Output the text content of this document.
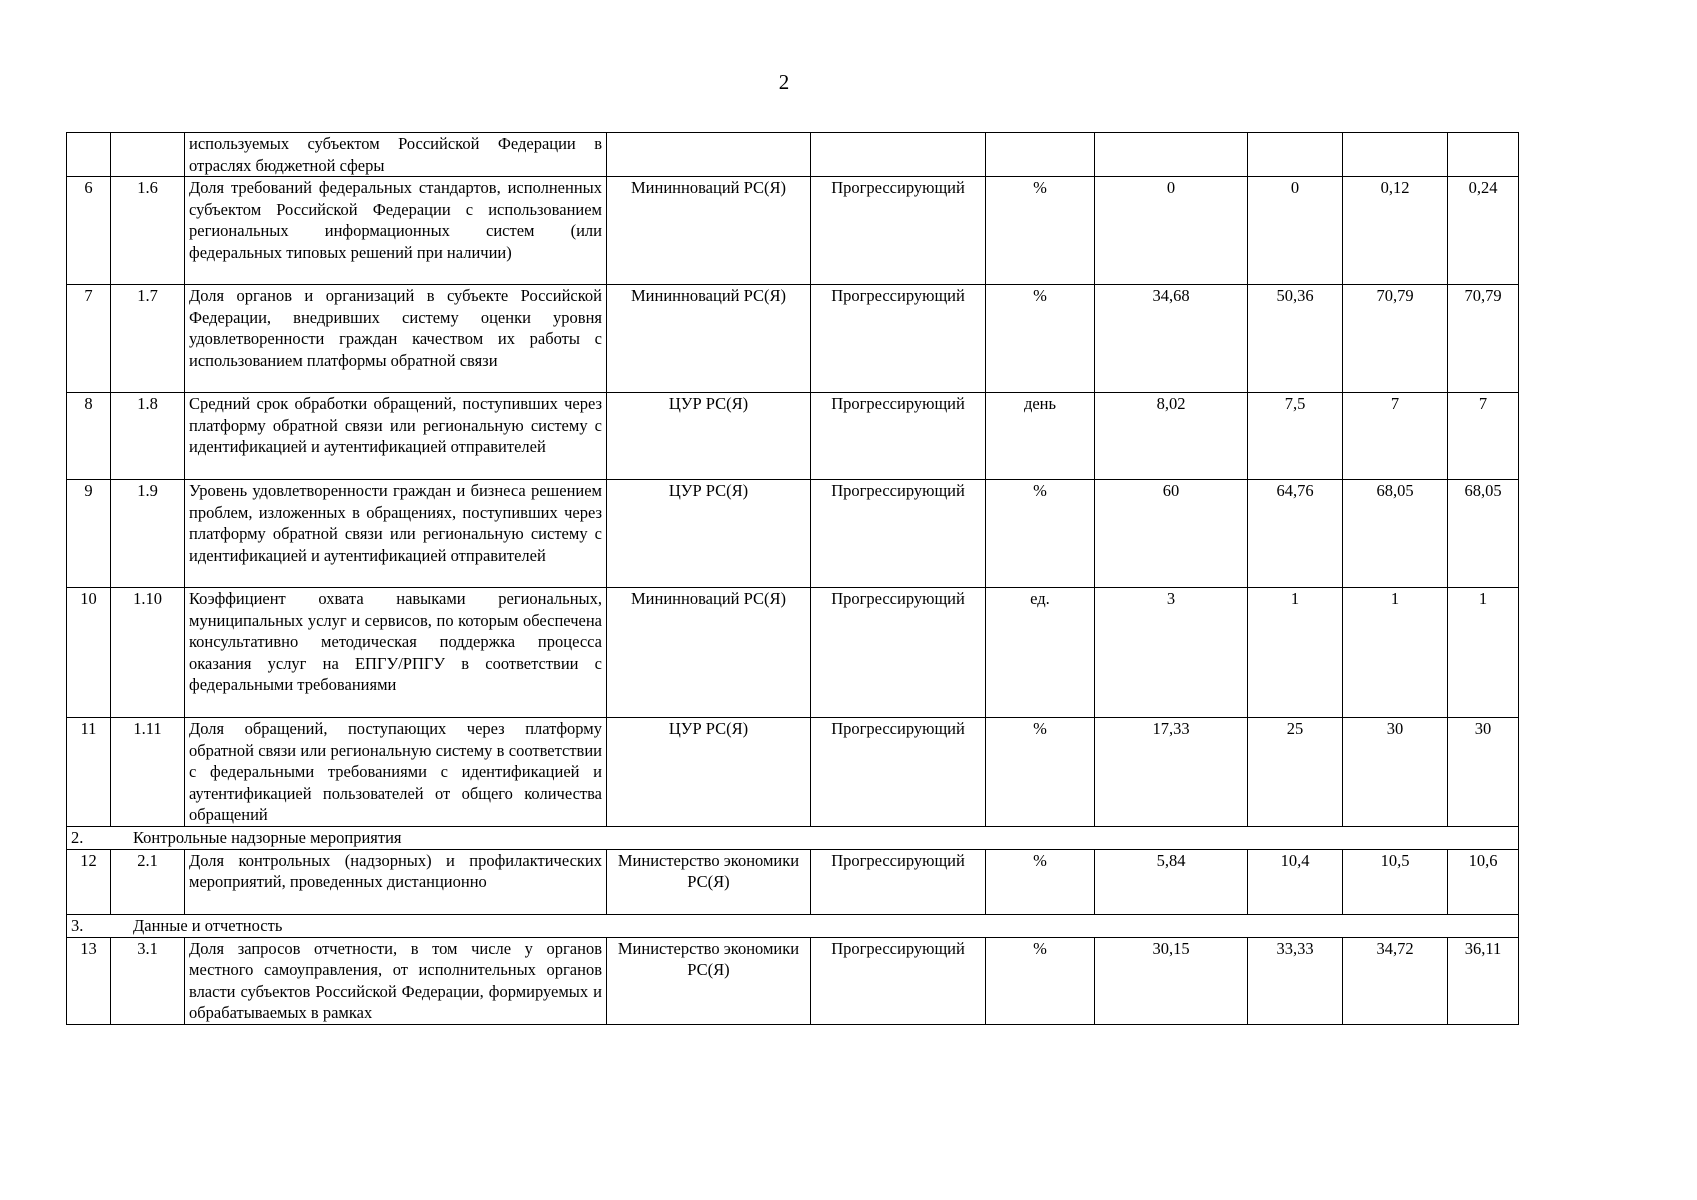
2
		используемых субъектом Российской Федерации в отраслях бюджетной сферы							
6	1.6	Доля требований федеральных стандартов, исполненных субъектом Российской Федерации с использованием региональных информационных систем (или федеральных типовых решений при наличии)	Мининноваций РС(Я)	Прогрессирующий	%	0	0	0,12	0,24
7	1.7	Доля органов и организаций в субъекте Российской Федерации, внедривших систему оценки уровня удовлетворенности граждан качеством их работы с использованием платформы обратной связи	Мининноваций РС(Я)	Прогрессирующий	%	34,68	50,36	70,79	70,79
8	1.8	Средний срок обработки обращений, поступивших через платформу обратной связи или региональную систему с идентификацией и аутентификацией отправителей	ЦУР РС(Я)	Прогрессирующий	день	8,02	7,5	7	7
9	1.9	Уровень удовлетворенности граждан и бизнеса решением проблем, изложенных в обращениях, поступивших через платформу обратной связи или региональную систему с идентификацией и аутентификацией отправителей	ЦУР РС(Я)	Прогрессирующий	%	60	64,76	68,05	68,05
10	1.10	Коэффициент охвата навыками региональных, муниципальных услуг и сервисов, по которым обеспечена консультативно методическая поддержка процесса оказания услуг на ЕПГУ/РПГУ в соответствии с федеральными требованиями	Мининноваций РС(Я)	Прогрессирующий	ед.	3	1	1	1
11	1.11	Доля обращений, поступающих через платформу обратной связи или региональную систему в соответствии с федеральными требованиями с идентификацией и аутентификацией пользователей от общего количества обращений	ЦУР РС(Я)	Прогрессирующий	%	17,33	25	30	30
2. Контрольные надзорные мероприятия									
12	2.1	Доля контрольных (надзорных) и профилактических мероприятий, проведенных дистанционно	Министерство экономики РС(Я)	Прогрессирующий	%	5,84	10,4	10,5	10,6
3. Данные и отчетность									
13	3.1	Доля запросов отчетности, в том числе у органов местного самоуправления, от исполнительных органов власти субъектов Российской Федерации, формируемых и обрабатываемых в рамках	Министерство экономики РС(Я)	Прогрессирующий	%	30,15	33,33	34,72	36,11
